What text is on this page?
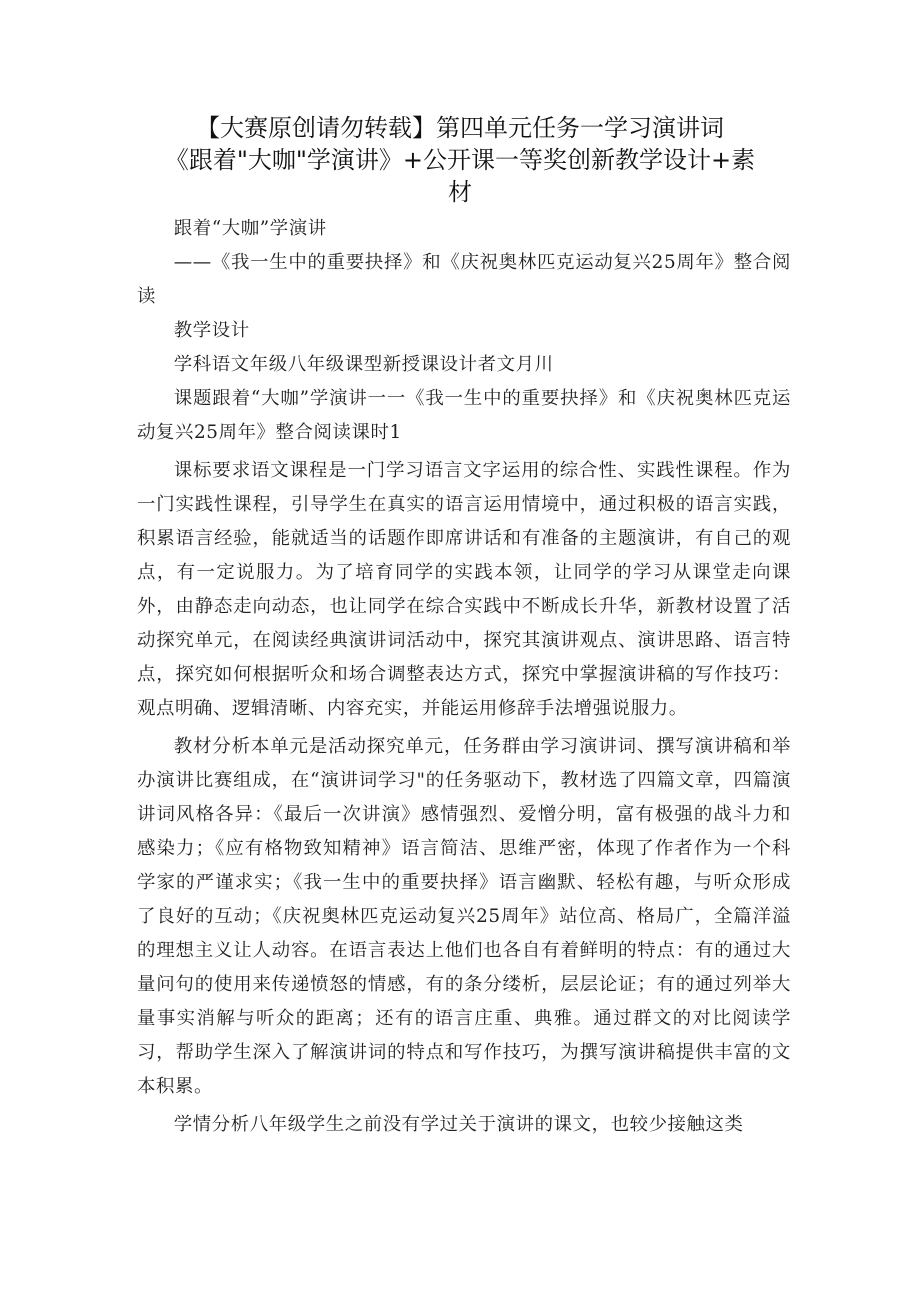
【大赛原创请勿转载】第四单元任务一学习演讲词
《跟着"大咖"学演讲》+公开课一等奖创新教学设计+素
材

跟着“大咖”学演讲

——《我一生中的重要抉择》和《庆祝奥林匹克运动复兴25周年》整合阅读

教学设计

学科语文年级八年级课型新授课设计者文月川

课题跟着“大咖”学演讲一一《我一生中的重要抉择》和《庆祝奥林匹克运动复兴25周年》整合阅读课时1

课标要求语文课程是一门学习语言文字运用的综合性、实践性课程。作为一门实践性课程，引导学生在真实的语言运用情境中，通过积极的语言实践，积累语言经验，能就适当的话题作即席讲话和有准备的主题演讲，有自己的观点，有一定说服力。为了培育同学的实践本领，让同学的学习从课堂走向课外，由静态走向动态，也让同学在综合实践中不断成长升华，新教材设置了活动探究单元，在阅读经典演讲词活动中，探究其演讲观点、演讲思路、语言特点，探究如何根据听众和场合调整表达方式，探究中掌握演讲稿的写作技巧：观点明确、逻辑清晰、内容充实，并能运用修辞手法增强说服力。

教材分析本单元是活动探究单元，任务群由学习演讲词、撰写演讲稿和举办演讲比赛组成，在“演讲词学习"的任务驱动下，教材选了四篇文章，四篇演讲词风格各异：《最后一次讲演》感情强烈、爱憎分明，富有极强的战斗力和感染力；《应有格物致知精神》语言简洁、思维严密，体现了作者作为一个科学家的严谨求实；《我一生中的重要抉择》语言幽默、轻松有趣，与听众形成了良好的互动；《庆祝奥林匹克运动复兴25周年》站位高、格局广，全篇洋溢的理想主义让人动容。在语言表达上他们也各自有着鲜明的特点：有的通过大量问句的使用来传递愤怒的情感，有的条分缕析，层层论证；有的通过列举大量事实消解与听众的距离；还有的语言庄重、典雅。通过群文的对比阅读学习，帮助学生深入了解演讲词的特点和写作技巧，为撰写演讲稿提供丰富的文本积累。

学情分析八年级学生之前没有学过关于演讲的课文，也较少接触这类
